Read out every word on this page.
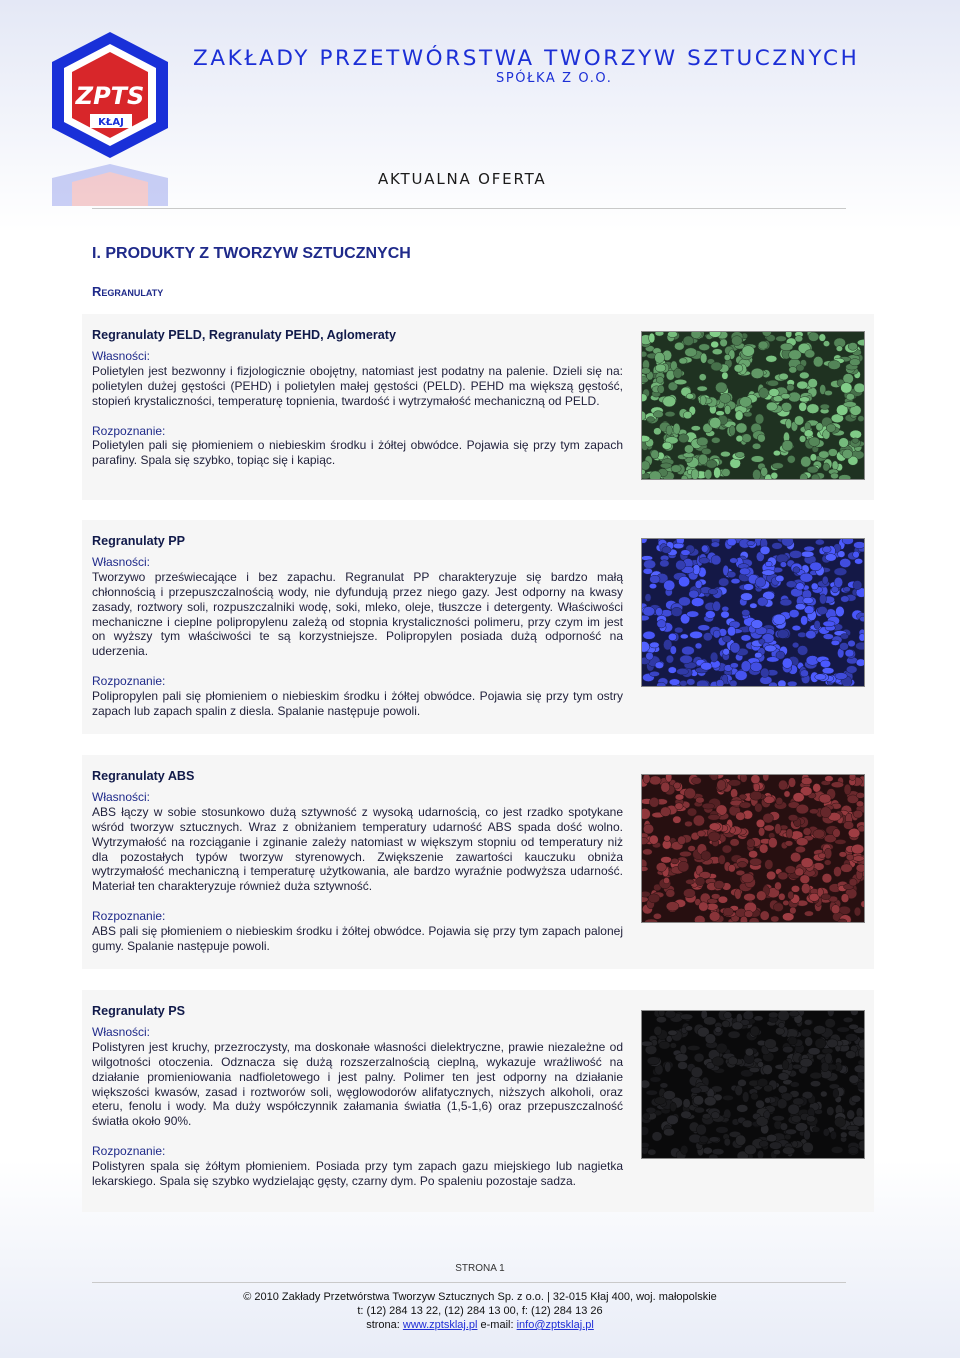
ZPTS
KŁAJ
ZAKŁADY PRZETWÓRSTWA TWORZYW SZTUCZNYCH
SPÓŁKA Z O.O.
AKTUALNA OFERTA
I. PRODUKTY Z TWORZYW SZTUCZNYCH
Regranulaty
Regranulaty PELD, Regranulaty PEHD, Aglomeraty

Własności:

Polietylen jest bezwonny i fizjologicznie obojętny, natomiast jest podatny na palenie. Dzieli się na: polietylen dużej gęstości (PEHD) i polietylen małej gęstości (PELD). PEHD ma większą gęstość, stopień krystaliczności, temperaturę topnienia, twardość i wytrzymałość mechaniczną od PELD.

Rozpoznanie:

Polietylen pali się płomieniem o niebieskim środku i żółtej obwódce. Pojawia się przy tym zapach parafiny. Spala się szybko, topiąc się i kapiąc.

Regranulaty PP

Własności:

Tworzywo przeświecające i bez zapachu. Regranulat PP charakteryzuje się bardzo małą chłonnością i przepuszczalnością wody, nie dyfundują przez niego gazy. Jest odporny na kwasy zasady, roztwory soli, rozpuszczalniki wodę, soki, mleko, oleje, tłuszcze i detergenty. Właściwości mechaniczne i cieplne polipropylenu zależą od stopnia krystaliczności polimeru, przy czym im jest on wyższy tym właściwości te są korzystniejsze. Polipropylen posiada dużą odporność na uderzenia.

Rozpoznanie:

Polipropylen pali się płomieniem o niebieskim środku i żółtej obwódce. Pojawia się przy tym ostry zapach lub zapach spalin z diesla. Spalanie następuje powoli.

Regranulaty ABS

Własności:

ABS łączy w sobie stosunkowo dużą sztywność z wysoką udarnością, co jest rzadko spotykane wśród tworzyw sztucznych. Wraz z obniżaniem temperatury udarność ABS spada dość wolno. Wytrzymałość na rozciąganie i zginanie zależy natomiast w większym stopniu od temperatury niż dla pozostałych typów tworzyw styrenowych. Zwiększenie zawartości kauczuku obniża wytrzymałość mechaniczną i temperaturę użytkowania, ale bardzo wyraźnie podwyższa udarność. Materiał ten charakteryzuje również duża sztywność.

Rozpoznanie:

ABS pali się płomieniem o niebieskim środku i żółtej obwódce. Pojawia się przy tym zapach palonej gumy. Spalanie następuje powoli.

Regranulaty PS

Własności:

Polistyren jest kruchy, przezroczysty, ma doskonałe własności dielektryczne, prawie niezależne od wilgotności otoczenia. Odznacza się dużą rozszerzalnością cieplną, wykazuje wrażliwość na działanie promieniowania nadfioletowego i jest palny. Polimer ten jest odporny na działanie większości kwasów, zasad i roztworów soli, węglowodorów alifatycznych, niższych alkoholi, oraz eteru, fenolu i wody. Ma duży współczynnik załamania światła (1,5-1,6) oraz przepuszczalność światła około 90%.

Rozpoznanie:

Polistyren spala się żółtym płomieniem. Posiada przy tym zapach gazu miejskiego lub nagietka lekarskiego. Spala się szybko wydzielając gęsty, czarny dym. Po spaleniu pozostaje sadza.

STRONA 1
© 2010 Zakłady Przetwórstwa Tworzyw Sztucznych Sp. z o.o. | 32-015 Kłaj 400, woj. małopolskie
t: (12) 284 13 22, (12) 284 13 00, f: (12) 284 13 26
strona: www.zptsklaj.pl e-mail: info@zptsklaj.pl
